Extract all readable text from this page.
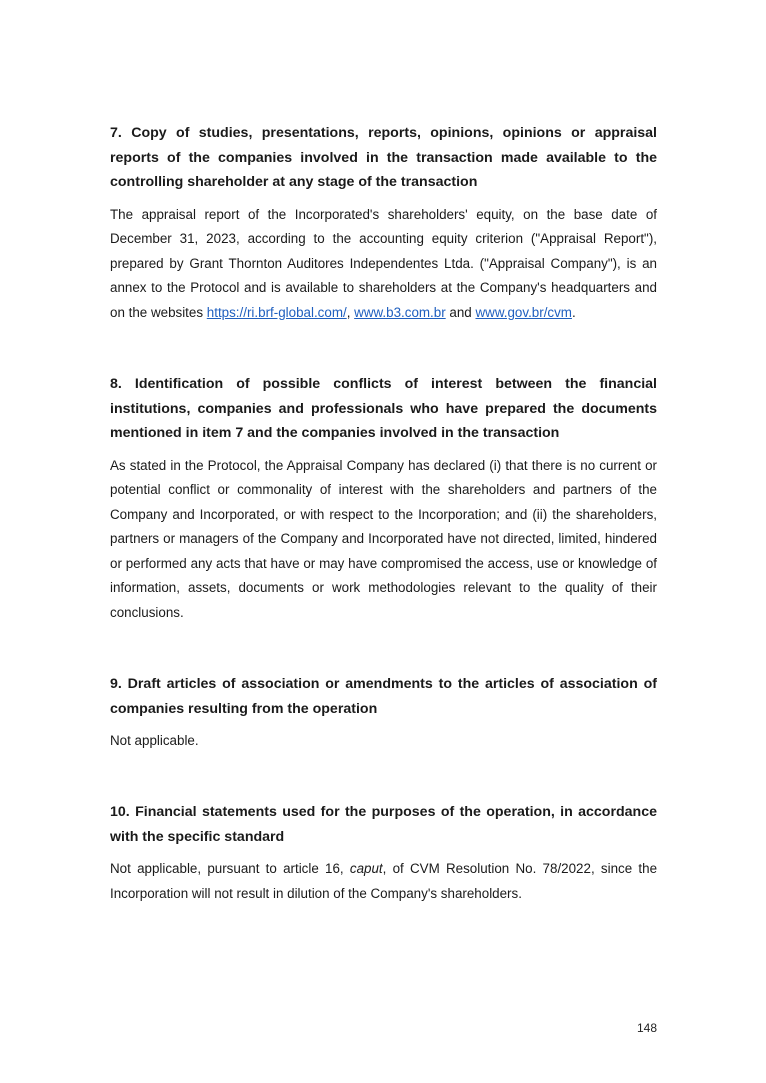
7. Copy of studies, presentations, reports, opinions, opinions or appraisal reports of the companies involved in the transaction made available to the controlling shareholder at any stage of the transaction

The appraisal report of the Incorporated's shareholders' equity, on the base date of December 31, 2023, according to the accounting equity criterion ("Appraisal Report"), prepared by Grant Thornton Auditores Independentes Ltda. ("Appraisal Company"), is an annex to the Protocol and is available to shareholders at the Company's headquarters and on the websites https://ri.brf-global.com/, www.b3.com.br and www.gov.br/cvm.

8. Identification of possible conflicts of interest between the financial institutions, companies and professionals who have prepared the documents mentioned in item 7 and the companies involved in the transaction

As stated in the Protocol, the Appraisal Company has declared (i) that there is no current or potential conflict or commonality of interest with the shareholders and partners of the Company and Incorporated, or with respect to the Incorporation; and (ii) the shareholders, partners or managers of the Company and Incorporated have not directed, limited, hindered or performed any acts that have or may have compromised the access, use or knowledge of information, assets, documents or work methodologies relevant to the quality of their conclusions.

9. Draft articles of association or amendments to the articles of association of companies resulting from the operation

Not applicable.

10. Financial statements used for the purposes of the operation, in accordance with the specific standard

Not applicable, pursuant to article 16, caput, of CVM Resolution No. 78/2022, since the Incorporation will not result in dilution of the Company's shareholders.

148
